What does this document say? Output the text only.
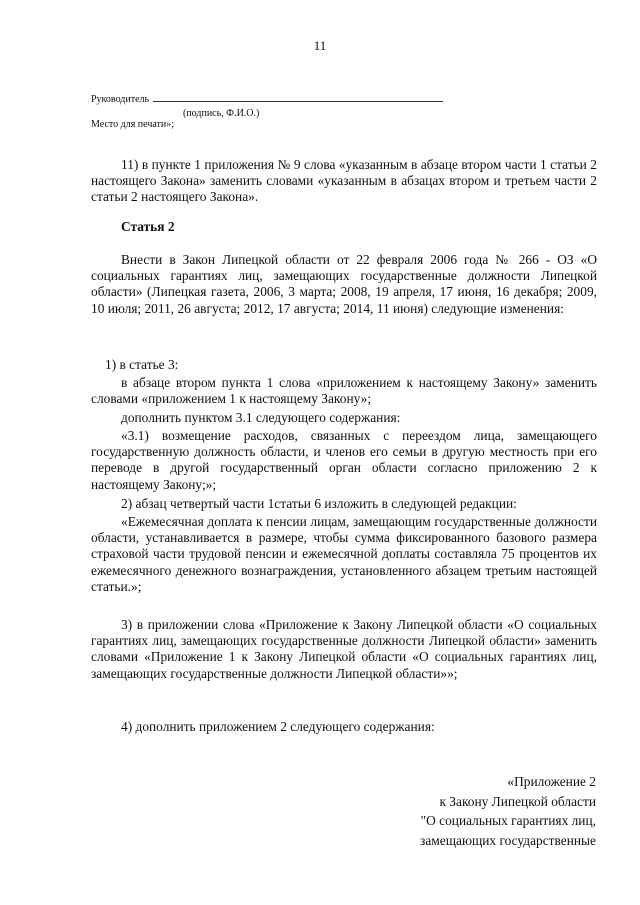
11
Руководитель
(подпись, Ф.И.О.)
Место для печати»;

11) в пункте 1 приложения № 9 слова «указанным в абзаце втором части 1 статьи 2 настоящего Закона» заменить словами «указанным в абзацах втором и третьем части 2 статьи 2 настоящего Закона».

Статья 2

Внести в Закон Липецкой области от 22 февраля 2006 года № 266 - ОЗ «О социальных гарантиях лиц, замещающих государственные должности Липецкой области» (Липецкая газета, 2006, 3 марта; 2008, 19 апреля, 17 июня, 16 декабря; 2009, 10 июля; 2011, 26 августа; 2012, 17 августа; 2014, 11 июня) следующие изменения:

1) в статье 3:

в абзаце втором пункта 1 слова «приложением к настоящему Закону» заменить словами «приложением 1 к настоящему Закону»;

дополнить пунктом 3.1 следующего содержания:

«3.1) возмещение расходов, связанных с переездом лица, замещающего государственную должность области, и членов его семьи в другую местность при его переводе в другой государственный орган области согласно приложению 2 к настоящему Закону;»;

2) абзац четвертый части 1статьи 6 изложить в следующей редакции:

«Ежемесячная доплата к пенсии лицам, замещающим государственные должности области, устанавливается в размере, чтобы сумма фиксированного базового размера страховой части трудовой пенсии и ежемесячной доплаты составляла 75 процентов их ежемесячного денежного вознаграждения, установленного абзацем третьим настоящей статьи.»;

3) в приложении слова «Приложение к Закону Липецкой области «О социальных гарантиях лиц, замещающих государственные должности Липецкой области» заменить словами «Приложение 1 к Закону Липецкой области «О социальных гарантиях лиц, замещающих государственные должности Липецкой области»»;

4) дополнить приложением 2 следующего содержания:

«Приложение 2
к Закону Липецкой области
"О социальных гарантиях лиц,
замещающих государственные
